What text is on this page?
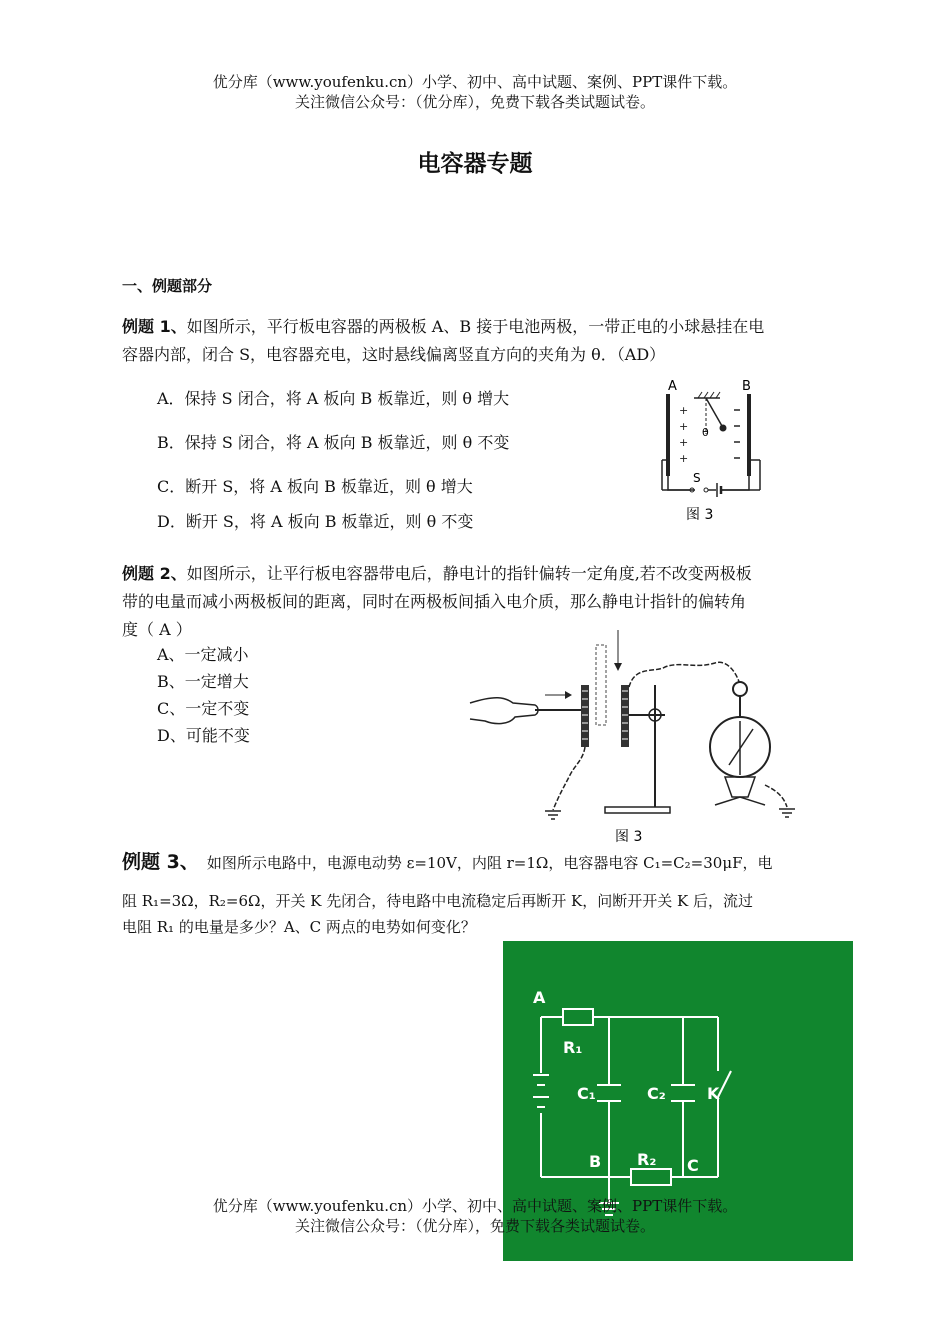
优分库（www.youfenku.cn）小学、初中、高中试题、案例、PPT课件下载。
关注微信公众号：（优分库），免费下载各类试题试卷。
电容器专题
一、例题部分
例题 1、如图所示，平行板电容器的两极板 A、B 接于电池两极，一带正电的小球悬挂在电
容器内部，闭合 S，电容器充电，这时悬线偏离竖直方向的夹角为 θ．（AD）
A．保持 S 闭合，将 A 板向 B 板靠近，则 θ 增大
B．保持 S 闭合，将 A 板向 B 板靠近，则 θ 不变
C．断开 S，将 A 板向 B 板靠近，则 θ 增大
D．断开 S，将 A 板向 B 板靠近，则 θ 不变
A	B
+
+
+
+
θ
S
图 3
例题 2、如图所示，让平行板电容器带电后，静电计的指针偏转一定角度,若不改变两极板
带的电量而减小两极板间的距离，同时在两极板间插入电介质，那么静电计指针的偏转角
度（ A ）
A、一定减小
B、一定增大
C、一定不变
D、可能不变
图 3
例题 3、 如图所示电路中，电源电动势 ε=10V，内阻 r=1Ω，电容器电容 C₁=C₂=30μF，电
阻 R₁=3Ω，R₂=6Ω，开关 K 先闭合，待电路中电流稳定后再断开 K，问断开开关 K 后，流过
电阻 R₁ 的电量是多少？A、C 两点的电势如何变化？
A
R₁
C₁	C₂	K
B R₂ C
优分库（www.youfenku.cn）小学、初中、高中试题、案例、PPT课件下载。
关注微信公众号：（优分库），免费下载各类试题试卷。
